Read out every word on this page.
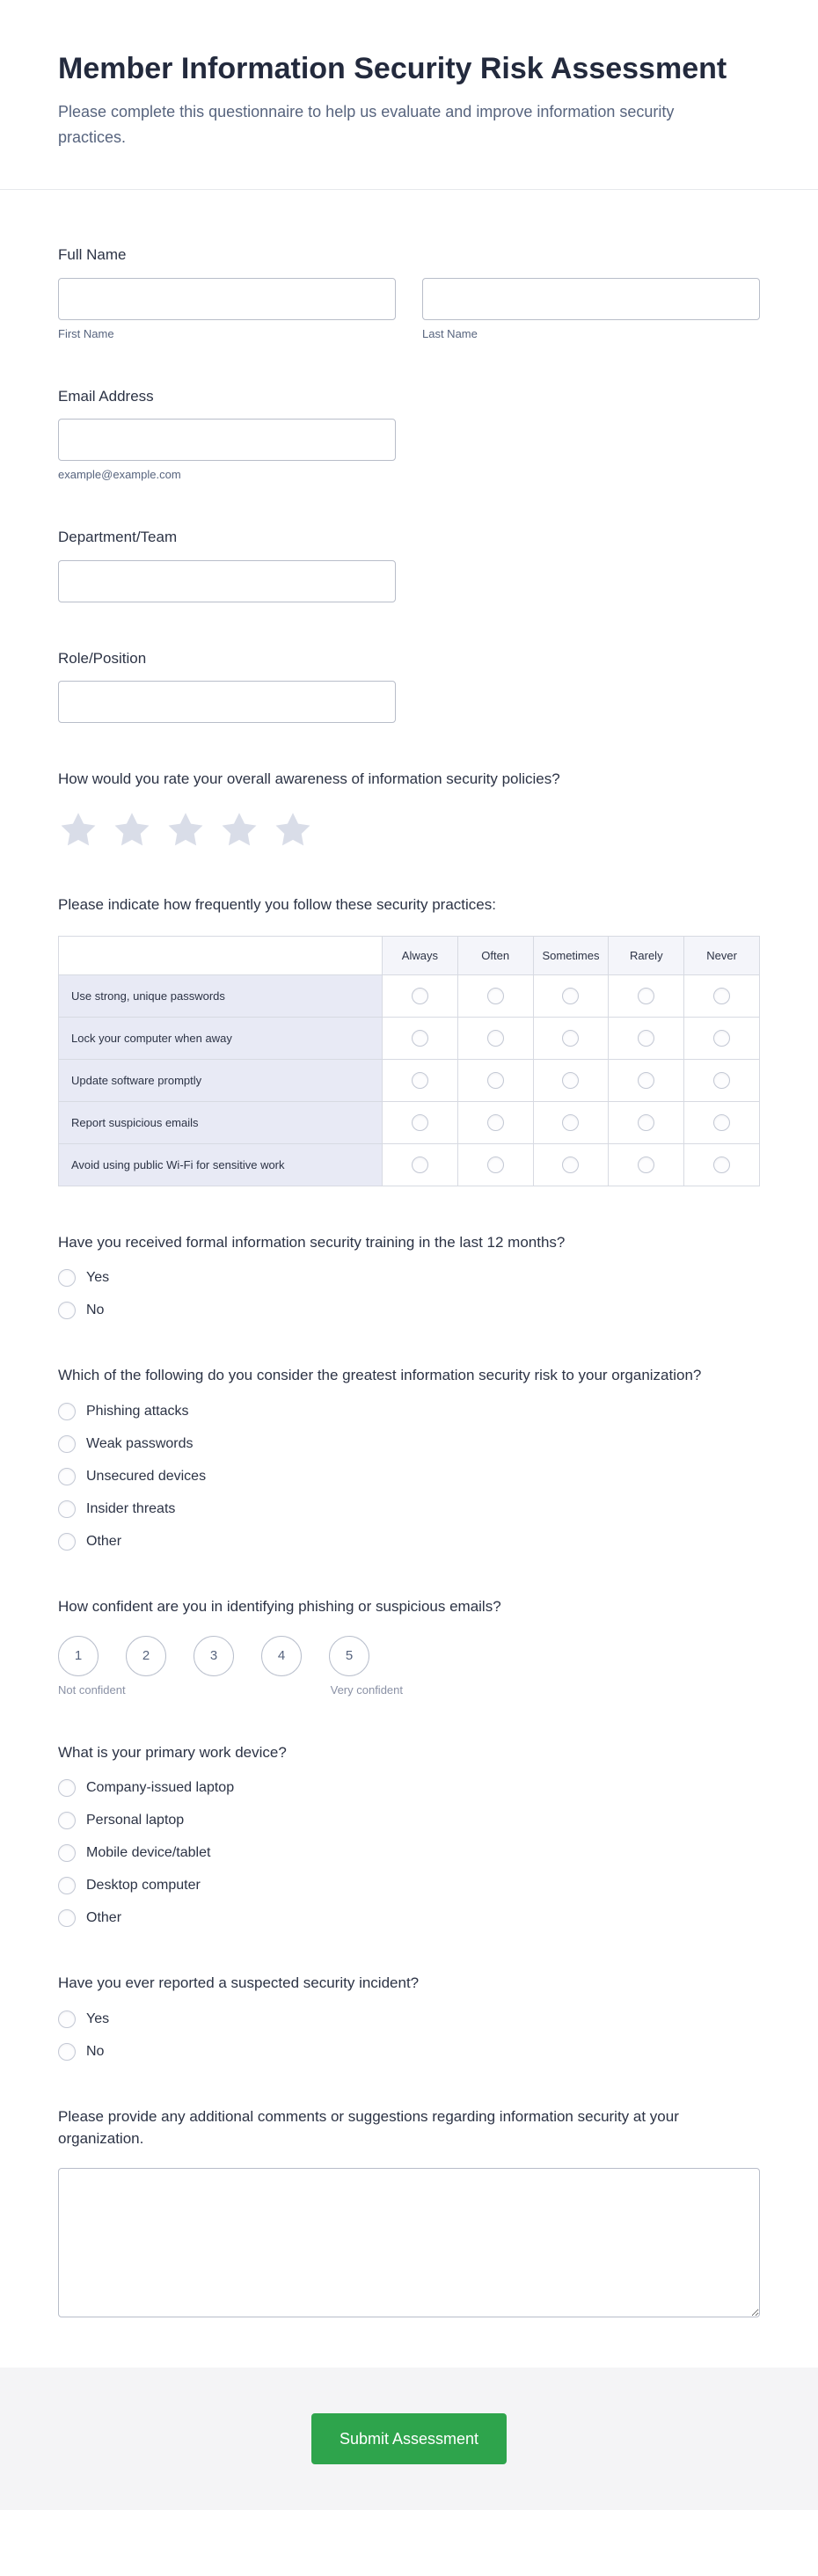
Member Information Security Risk Assessment

Please complete this questionnaire to help us evaluate and improve information security practices.

Full Name
First Name	Last Name
Email Address
example@example.com
Department/Team
Role/Position
How would you rate your overall awareness of information security policies?
Please indicate how frequently you follow these security practices:
	Always	Often	Sometimes	Rarely	Never
Use strong, unique passwords					
Lock your computer when away					
Update software promptly					
Report suspicious emails					
Avoid using public Wi-Fi for sensitive work					
Have you received formal information security training in the last 12 months?
Yes
No
Which of the following do you consider the greatest information security risk to your organization?
Phishing attacks
Weak passwords
Unsecured devices
Insider threats
Other
How confident are you in identifying phishing or suspicious emails?
1	2	3	4	5
Not confident	Very confident
What is your primary work device?
Company-issued laptop
Personal laptop
Mobile device/tablet
Desktop computer
Other
Have you ever reported a suspected security incident?
Yes
No
Please provide any additional comments or suggestions regarding information security at your organization.
Submit Assessment
